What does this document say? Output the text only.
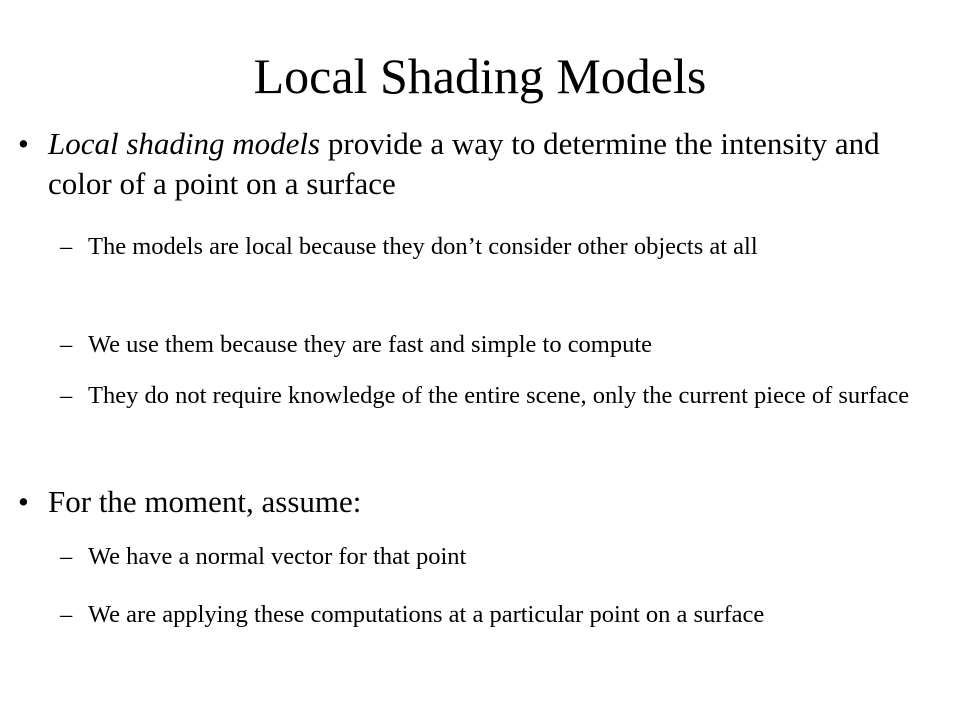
Local Shading Models
• Local shading models provide a way to determine the intensity and color of a point on a surface
– The models are local because they don’t consider other objects at all
– We use them because they are fast and simple to compute
– They do not require knowledge of the entire scene, only the current piece of surface
• For the moment, assume:
– We have a normal vector for that point
– We are applying these computations at a particular point on a surface
